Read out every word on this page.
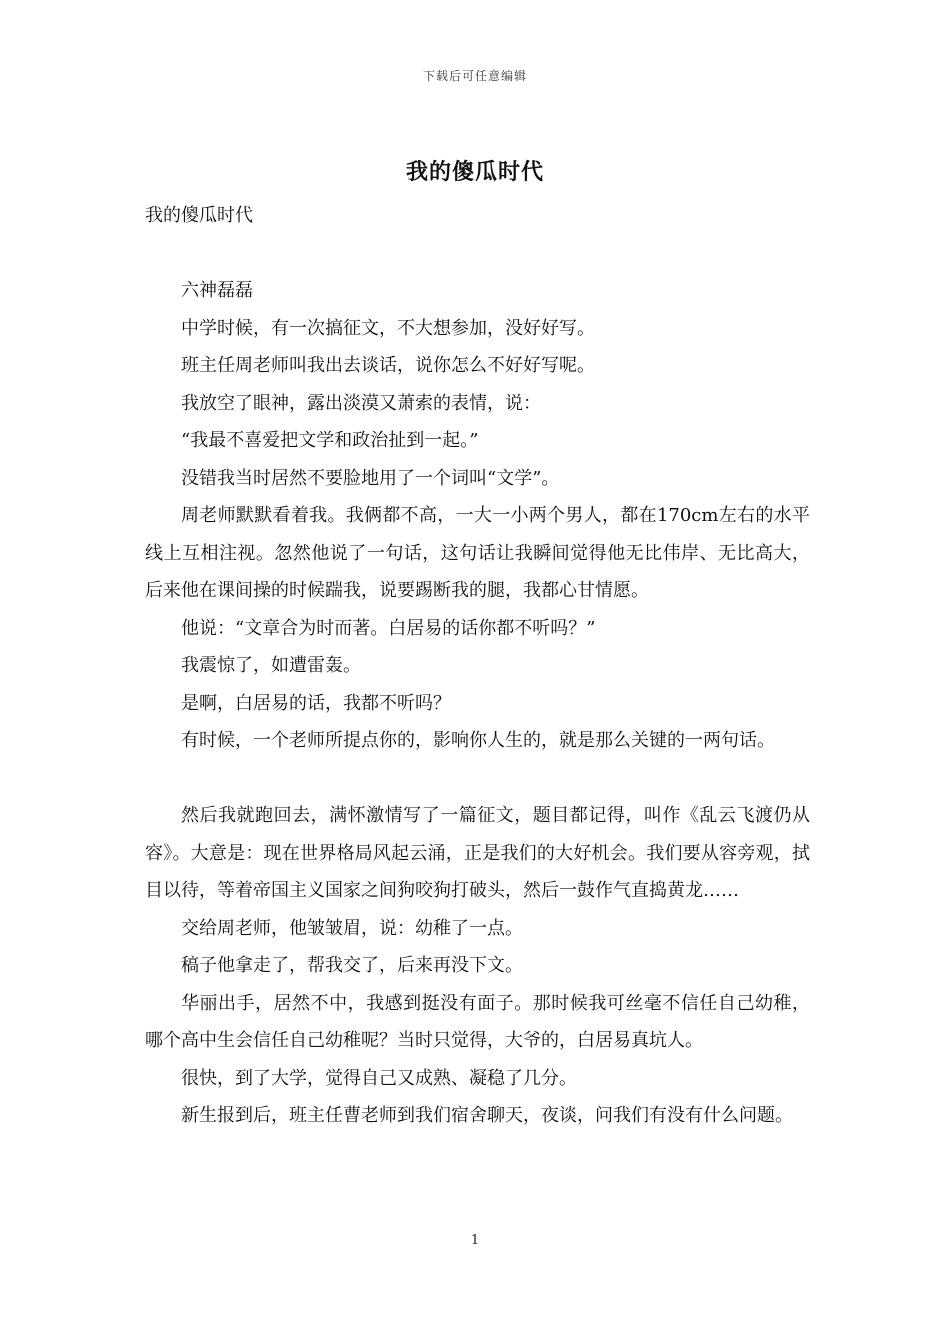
下载后可任意编辑
我的傻瓜时代

我的傻瓜时代

六神磊磊

中学时候，有一次搞征文，不大想参加，没好好写。

班主任周老师叫我出去谈话，说你怎么不好好写呢。

我放空了眼神，露出淡漠又萧索的表情，说：

“我最不喜爱把文学和政治扯到一起。”

没错我当时居然不要脸地用了一个词叫“文学”。

周老师默默看着我。我俩都不高，一大一小两个男人，都在170cm左右的水平线上互相注视。忽然他说了一句话，这句话让我瞬间觉得他无比伟岸、无比高大，后来他在课间操的时候踹我，说要踢断我的腿，我都心甘情愿。

他说：“文章合为时而著。白居易的话你都不听吗？”

我震惊了，如遭雷轰。

是啊，白居易的话，我都不听吗？

有时候，一个老师所提点你的，影响你人生的，就是那么关键的一两句话。

然后我就跑回去，满怀激情写了一篇征文，题目都记得，叫作《乱云飞渡仍从容》。大意是：现在世界格局风起云涌，正是我们的大好机会。我们要从容旁观，拭目以待，等着帝国主义国家之间狗咬狗打破头，然后一鼓作气直捣黄龙……

交给周老师，他皱皱眉，说：幼稚了一点。

稿子他拿走了，帮我交了，后来再没下文。

华丽出手，居然不中，我感到挺没有面子。那时候我可丝毫不信任自己幼稚，哪个高中生会信任自己幼稚呢？当时只觉得，大爷的，白居易真坑人。

很快，到了大学，觉得自己又成熟、凝稳了几分。

新生报到后，班主任曹老师到我们宿舍聊天，夜谈，问我们有没有什么问题。

1
